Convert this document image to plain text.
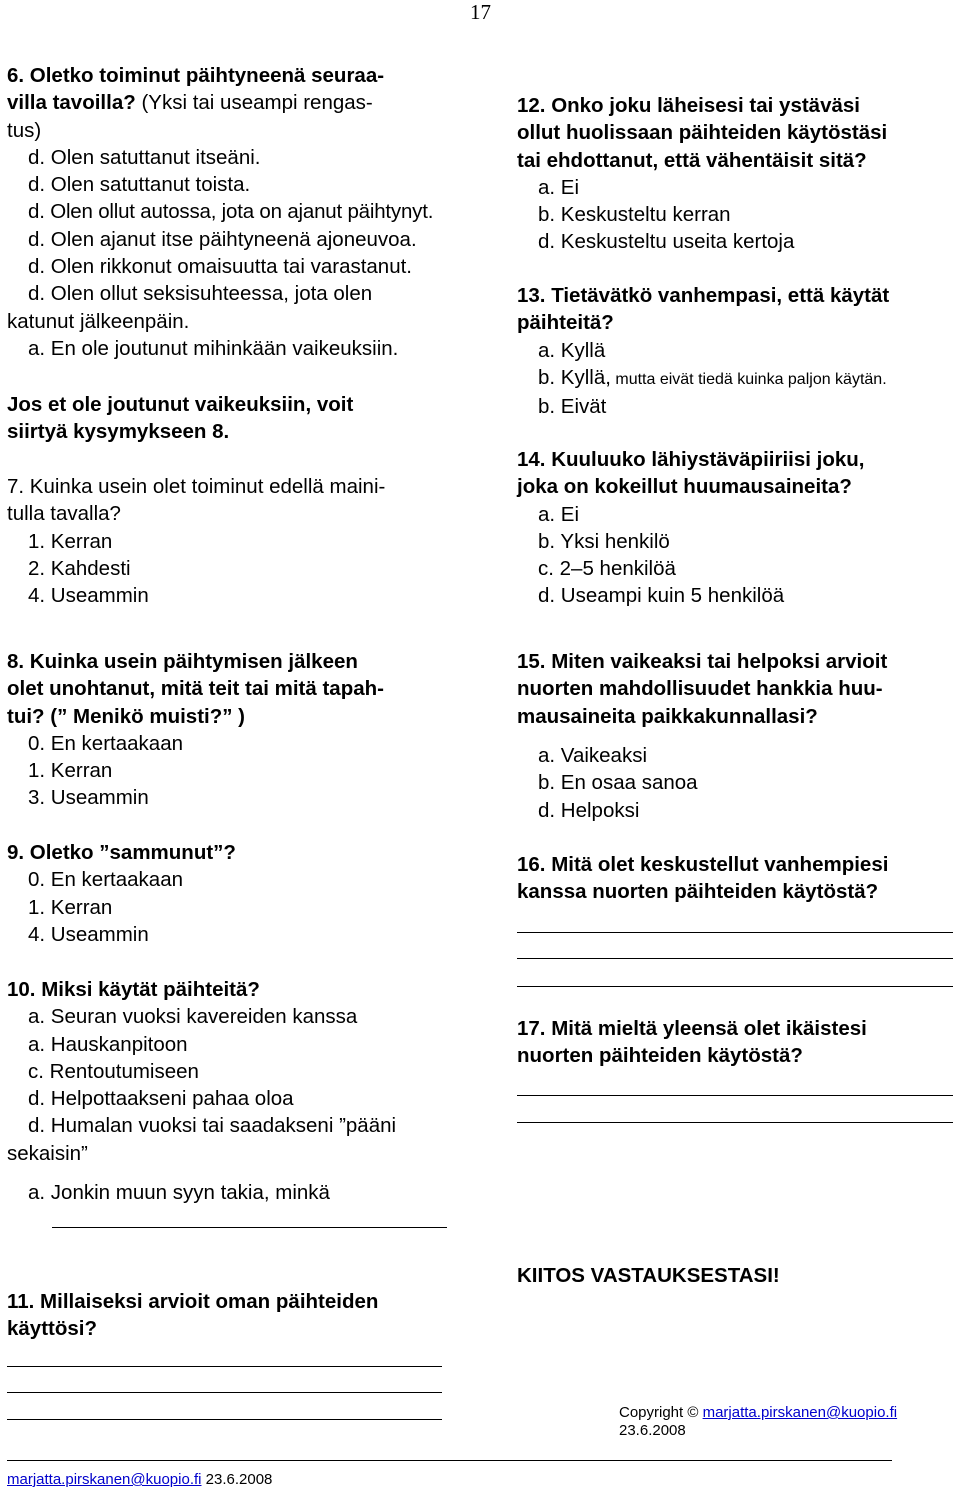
17
6. Oletko toiminut päihtyneenä seuraa-
villa tavoilla? (Yksi tai useampi rengas-
tus)
d. Olen satuttanut itseäni.
d. Olen satuttanut toista.
d. Olen ollut autossa, jota on ajanut päihtynyt.
d. Olen ajanut itse päihtyneenä ajoneuvoa.
d. Olen rikkonut omaisuutta tai varastanut.
d. Olen ollut seksisuhteessa, jota olen
katunut jälkeenpäin.
a. En ole joutunut mihinkään vaikeuksiin.
Jos et ole joutunut vaikeuksiin, voit
siirtyä kysymykseen 8.
7. Kuinka usein olet toiminut edellä maini-
tulla tavalla?
1. Kerran
2. Kahdesti
4. Useammin
8. Kuinka usein päihtymisen jälkeen
olet unohtanut, mitä teit tai mitä tapah-
tui? (” Menikö muisti?” )
0. En kertaakaan
1. Kerran
3. Useammin
9. Oletko ”sammunut”?
0. En kertaakaan
1. Kerran
4. Useammin
10. Miksi käytät päihteitä?
a. Seuran vuoksi kavereiden kanssa
a. Hauskanpitoon
c. Rentoutumiseen
d. Helpottaakseni pahaa oloa
d. Humalan vuoksi tai saadakseni ”pääni
sekaisin”
a. Jonkin muun syyn takia, minkä
11. Millaiseksi arvioit oman päihteiden
käyttösi?
12. Onko joku läheisesi tai ystäväsi
ollut huolissaan päihteiden käytöstäsi
tai ehdottanut, että vähentäisit sitä?
a. Ei
b. Keskusteltu kerran
d. Keskusteltu useita kertoja
13. Tietävätkö vanhempasi, että käytät
päihteitä?
a. Kyllä
b. Kyllä, mutta eivät tiedä kuinka paljon käytän.
b. Eivät
14. Kuuluuko lähiystäväpiiriisi joku,
joka on kokeillut huumausaineita?
a. Ei
b. Yksi henkilö
c. 2–5 henkilöä
d. Useampi kuin 5 henkilöä
15. Miten vaikeaksi tai helpoksi arvioit
nuorten mahdollisuudet hankkia huu-
mausaineita paikkakunnallasi?
a. Vaikeaksi
b. En osaa sanoa
d. Helpoksi
16. Mitä olet keskustellut vanhempiesi
kanssa nuorten päihteiden käytöstä?
17. Mitä mieltä yleensä olet ikäistesi
nuorten päihteiden käytöstä?
KIITOS VASTAUKSESTASI!
Copyright © marjatta.pirskanen@kuopio.fi 23.6.2008
marjatta.pirskanen@kuopio.fi 23.6.2008
